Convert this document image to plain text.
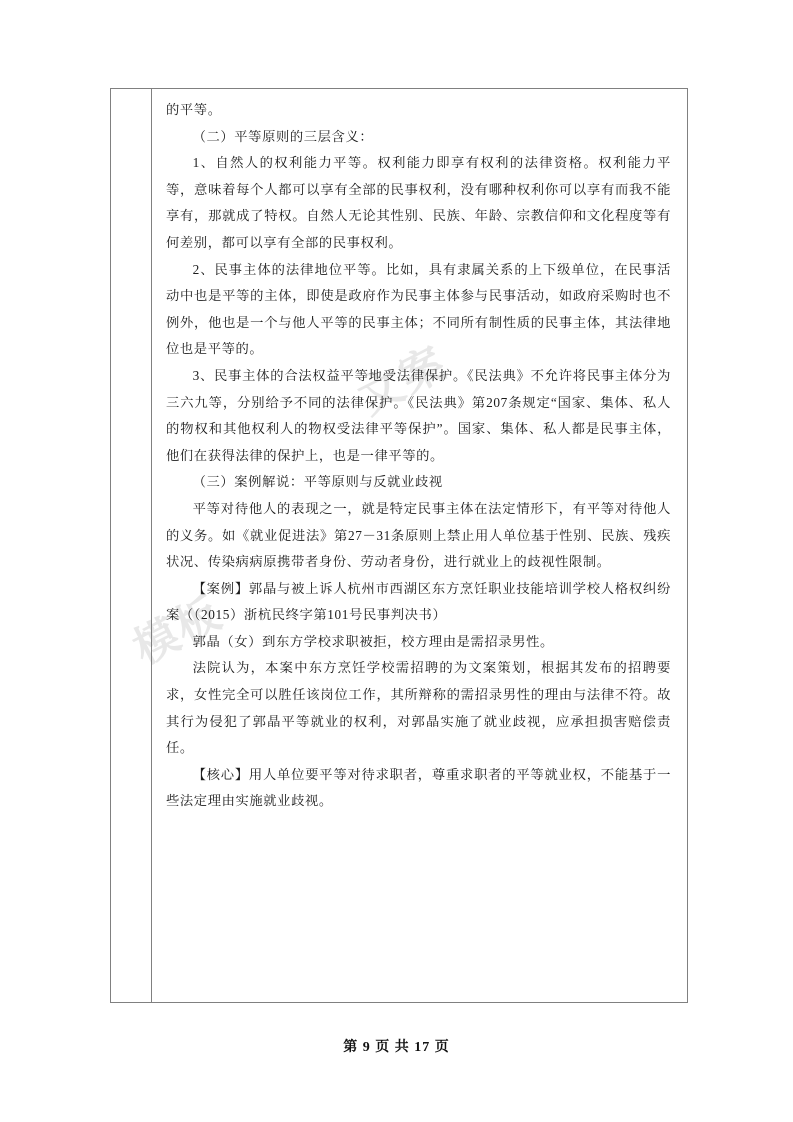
的平等。

（二）平等原则的三层含义：

1、自然人的权利能力平等。权利能力即享有权利的法律资格。权利能力平等，意味着每个人都可以享有全部的民事权利，没有哪种权利你可以享有而我不能享有，那就成了特权。自然人无论其性别、民族、年龄、宗教信仰和文化程度等有何差别，都可以享有全部的民事权利。

2、民事主体的法律地位平等。比如，具有隶属关系的上下级单位，在民事活动中也是平等的主体，即使是政府作为民事主体参与民事活动，如政府采购时也不例外，他也是一个与他人平等的民事主体；不同所有制性质的民事主体，其法律地位也是平等的。

3、民事主体的合法权益平等地受法律保护。《民法典》不允许将民事主体分为三六九等，分别给予不同的法律保护。《民法典》第207条规定“国家、集体、私人的物权和其他权利人的物权受法律平等保护”。国家、集体、私人都是民事主体，他们在获得法律的保护上，也是一律平等的。

（三）案例解说：平等原则与反就业歧视

平等对待他人的表现之一，就是特定民事主体在法定情形下，有平等对待他人的义务。如《就业促进法》第27－31条原则上禁止用人单位基于性别、民族、残疾状况、传染病病原携带者身份、劳动者身份，进行就业上的歧视性限制。

【案例】郭晶与被上诉人杭州市西湖区东方烹饪职业技能培训学校人格权纠纷案（（2015）浙杭民终字第101号民事判决书）

郭晶（女）到东方学校求职被拒，校方理由是需招录男性。

法院认为，本案中东方烹饪学校需招聘的为文案策划，根据其发布的招聘要求，女性完全可以胜任该岗位工作，其所辩称的需招录男性的理由与法律不符。故其行为侵犯了郭晶平等就业的权利，对郭晶实施了就业歧视，应承担损害赔偿责任。

【核心】用人单位要平等对待求职者，尊重求职者的平等就业权，不能基于一些法定理由实施就业歧视。

文案
模板
第 9 页 共 17 页
